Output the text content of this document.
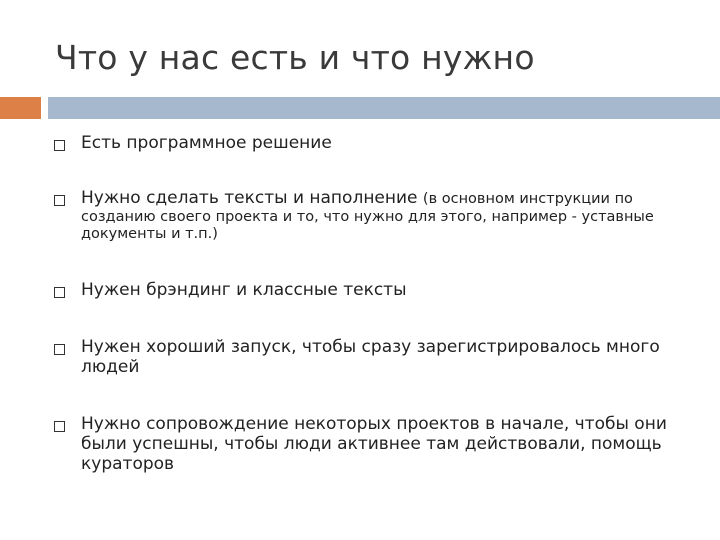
Что у нас есть и что нужно
Есть программное решение
Нужно сделать тексты и наполнение (в основном инструкции по
созданию своего проекта и то, что нужно для этого, например - уставные документы и т.п.)
Нужен брэндинг и классные тексты
Нужен хороший запуск, чтобы сразу зарегистрировалось много людей
Нужно сопровождение некоторых проектов в начале, чтобы они были успешны, чтобы люди активнее там действовали, помощь кураторов
